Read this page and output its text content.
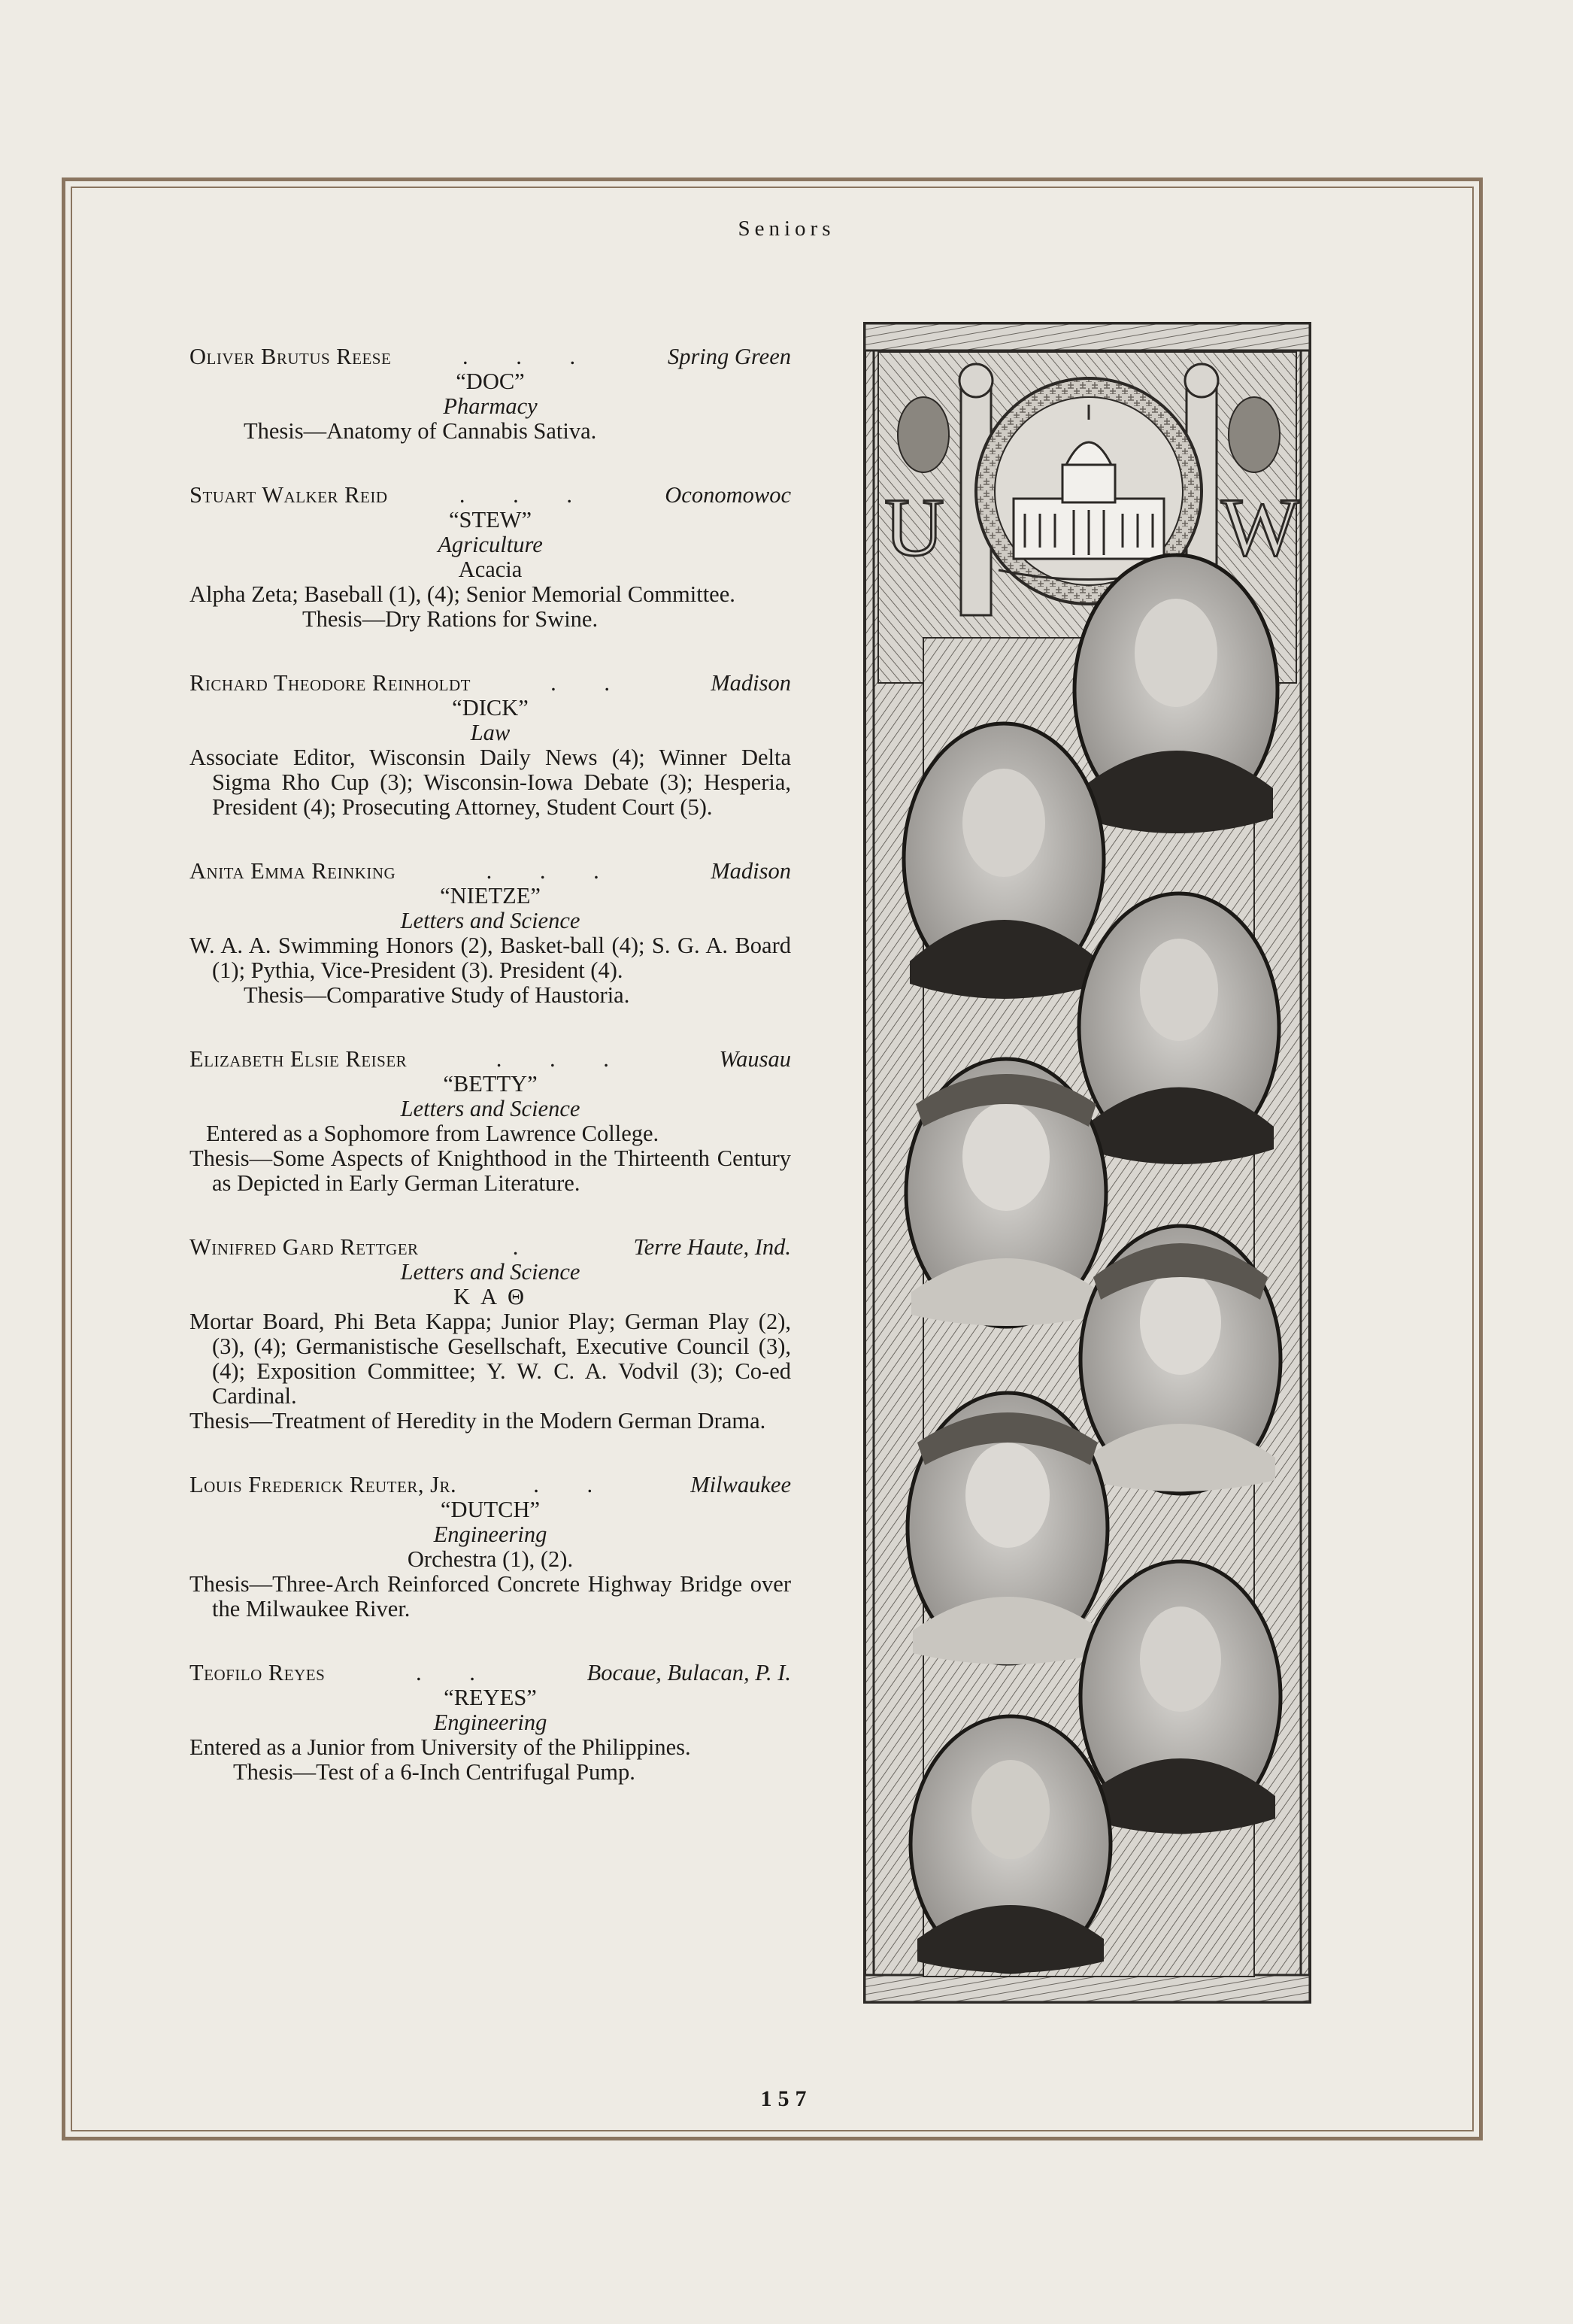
Seniors
Oliver Brutus Reese	. . .	Spring Green
“DOC”
Pharmacy
Thesis—Anatomy of Cannabis Sativa.
Stuart Walker Reid	. . .	Oconomowoc
“STEW”
Agriculture
Acacia
Alpha Zeta; Baseball (1), (4); Senior Memorial Committee.
Thesis—Dry Rations for Swine.
Richard Theodore Reinholdt	. .	Madison
“DICK”
Law
Associate Editor, Wisconsin Daily News (4); Winner Delta Sigma Rho Cup (3); Wisconsin-Iowa Debate (3); Hesperia, President (4); Prosecuting Attorney, Student Court (5).
Anita Emma Reinking	. . .	Madison
“NIETZE”
Letters and Science
W. A. A. Swimming Honors (2), Basket-ball (4); S. G. A. Board (1); Pythia, Vice-President (3). President (4).
Thesis—Comparative Study of Haustoria.
Elizabeth Elsie Reiser	. . .	Wausau
“BETTY”
Letters and Science
Entered as a Sophomore from Lawrence College.
Thesis—Some Aspects of Knighthood in the Thirteenth Century as Depicted in Early German Literature.
Winifred Gard Rettger	.	Terre Haute, Ind.
Letters and Science
K A Θ
Mortar Board, Phi Beta Kappa; Junior Play; German Play (2), (3), (4); Germanistische Gesellschaft, Executive Council (3), (4); Exposition Committee; Y. W. C. A. Vodvil (3); Co-ed Cardinal.
Thesis—Treatment of Heredity in the Modern German Drama.
Louis Frederick Reuter, Jr.	. .	Milwaukee
“DUTCH”
Engineering
Orchestra (1), (2).
Thesis—Three-Arch Reinforced Concrete Highway Bridge over the Milwaukee River.
Teofilo Reyes	. .	Bocaue, Bulacan, P. I.
“REYES”
Engineering
Entered as a Junior from University of the Philippines.
Thesis—Test of a 6-Inch Centrifugal Pump.
U	W
157
